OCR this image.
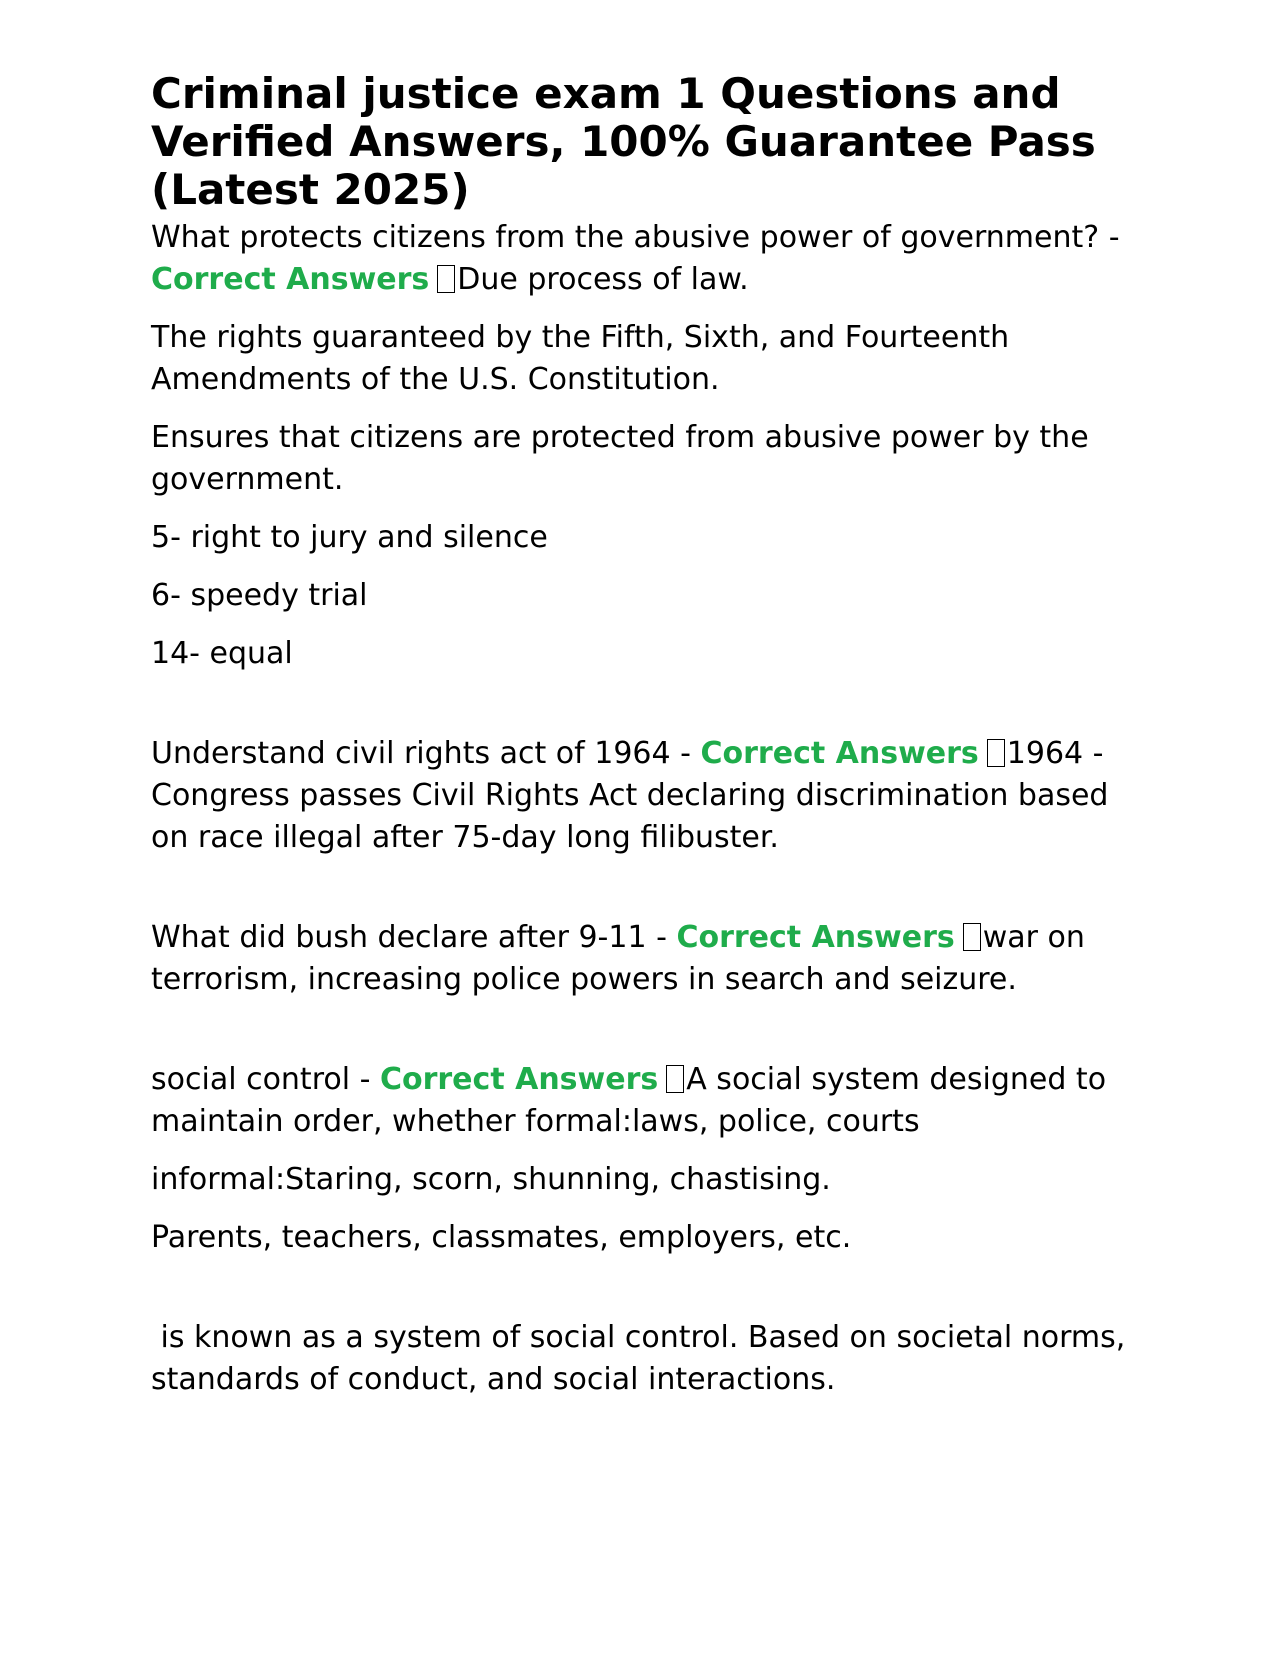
Criminal justice exam 1 Questions and Verified Answers, 100% Guarantee Pass (Latest 2025)

What protects citizens from the abusive power of government? - Correct Answers Due process of law.

The rights guaranteed by the Fifth, Sixth, and Fourteenth Amendments of the U.S. Constitution.

Ensures that citizens are protected from abusive power by the government.

5- right to jury and silence

6- speedy trial

14- equal

Understand civil rights act of 1964 - Correct Answers 1964 - Congress passes Civil Rights Act declaring discrimination based on race illegal after 75-day long filibuster.

What did bush declare after 9-11 - Correct Answers war on terrorism, increasing police powers in search and seizure.

social control - Correct Answers A social system designed to maintain order, whether formal:laws, police, courts

informal:Staring, scorn, shunning, chastising.

Parents, teachers, classmates, employers, etc.

is known as a system of social control. Based on societal norms, standards of conduct, and social interactions.
